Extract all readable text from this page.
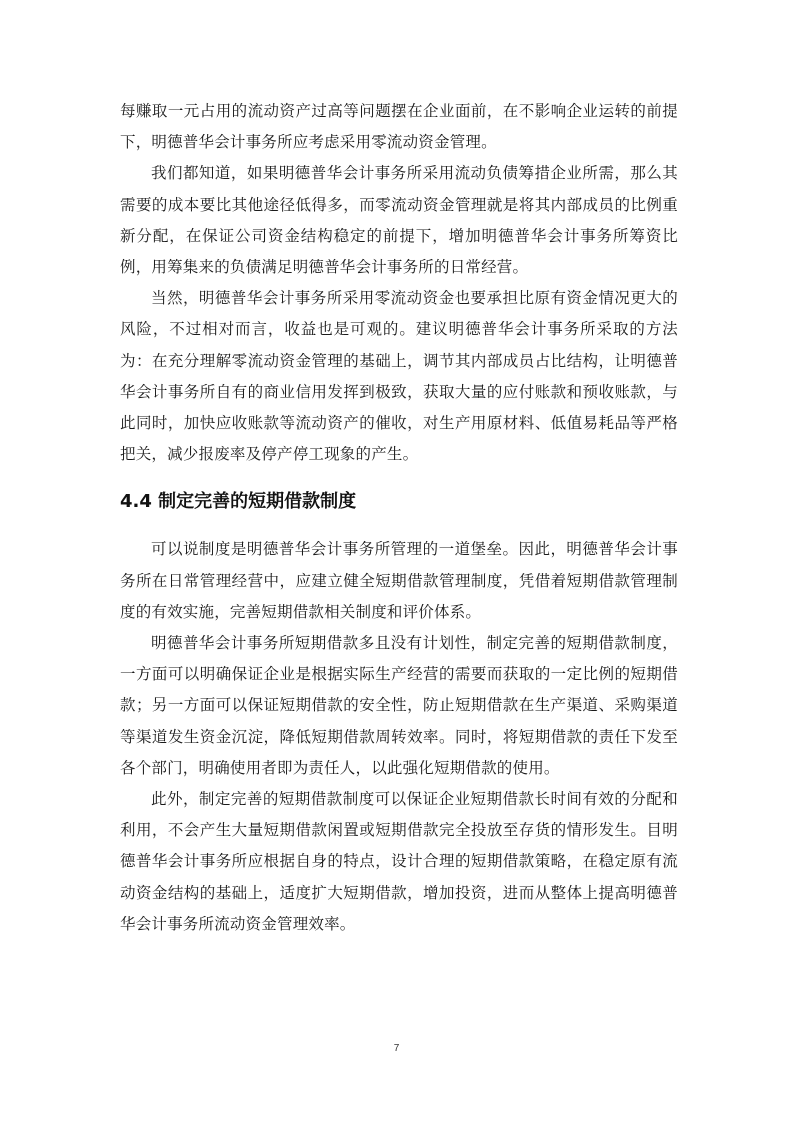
每赚取一元占用的流动资产过高等问题摆在企业面前，在不影响企业运转的前提下，明德普华会计事务所应考虑采用零流动资金管理。

我们都知道，如果明德普华会计事务所采用流动负债筹措企业所需，那么其需要的成本要比其他途径低得多，而零流动资金管理就是将其内部成员的比例重新分配，在保证公司资金结构稳定的前提下，增加明德普华会计事务所筹资比例，用筹集来的负债满足明德普华会计事务所的日常经营。

当然，明德普华会计事务所采用零流动资金也要承担比原有资金情况更大的风险，不过相对而言，收益也是可观的。建议明德普华会计事务所采取的方法为：在充分理解零流动资金管理的基础上，调节其内部成员占比结构，让明德普华会计事务所自有的商业信用发挥到极致，获取大量的应付账款和预收账款，与此同时，加快应收账款等流动资产的催收，对生产用原材料、低值易耗品等严格把关，减少报废率及停产停工现象的产生。

4.4 制定完善的短期借款制度

可以说制度是明德普华会计事务所管理的一道堡垒。因此，明德普华会计事务所在日常管理经营中，应建立健全短期借款管理制度，凭借着短期借款管理制度的有效实施，完善短期借款相关制度和评价体系。

明德普华会计事务所短期借款多且没有计划性，制定完善的短期借款制度，一方面可以明确保证企业是根据实际生产经营的需要而获取的一定比例的短期借款；另一方面可以保证短期借款的安全性，防止短期借款在生产渠道、采购渠道等渠道发生资金沉淀，降低短期借款周转效率。同时，将短期借款的责任下发至各个部门，明确使用者即为责任人，以此强化短期借款的使用。

此外，制定完善的短期借款制度可以保证企业短期借款长时间有效的分配和利用，不会产生大量短期借款闲置或短期借款完全投放至存货的情形发生。目明德普华会计事务所应根据自身的特点，设计合理的短期借款策略，在稳定原有流动资金结构的基础上，适度扩大短期借款，增加投资，进而从整体上提高明德普华会计事务所流动资金管理效率。

7
